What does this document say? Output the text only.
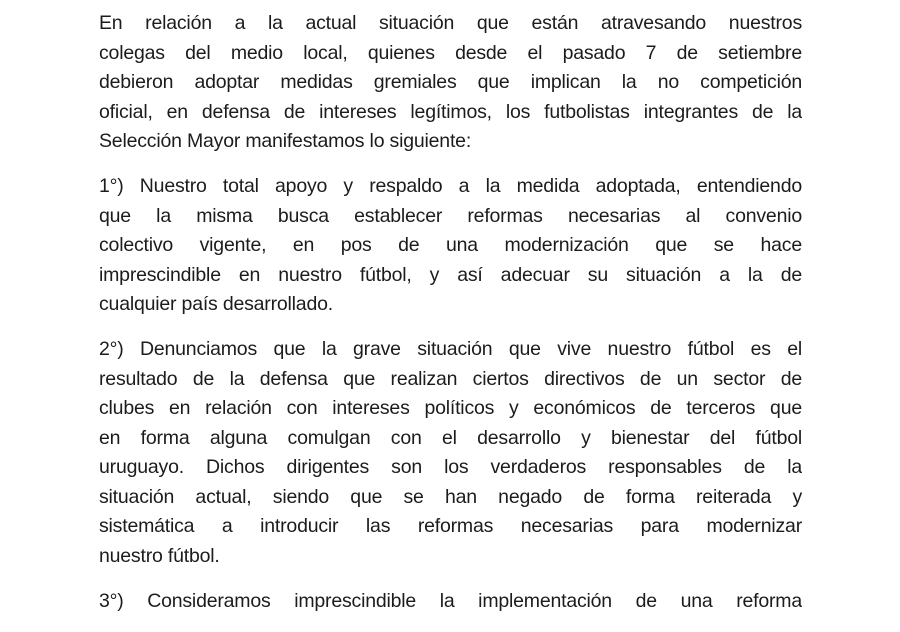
En relación a la actual situación que están atravesando nuestros
colegas del medio local, quienes desde el pasado 7 de setiembre
debieron adoptar medidas gremiales que implican la no competición
oficial, en defensa de intereses legítimos, los futbolistas integrantes de la
Selección Mayor manifestamos lo siguiente:

1°) Nuestro total apoyo y respaldo a la medida adoptada, entendiendo
que la misma busca establecer reformas necesarias al convenio
colectivo vigente, en pos de una modernización que se hace
imprescindible en nuestro fútbol, y así adecuar su situación a la de
cualquier país desarrollado.

2°) Denunciamos que la grave situación que vive nuestro fútbol es el
resultado de la defensa que realizan ciertos directivos de un sector de
clubes en relación con intereses políticos y económicos de terceros que
en forma alguna comulgan con el desarrollo y bienestar del fútbol
uruguayo. Dichos dirigentes son los verdaderos responsables de la
situación actual, siendo que se han negado de forma reiterada y
sistemática a introducir las reformas necesarias para modernizar
nuestro fútbol.

3°) Consideramos imprescindible la implementación de una reforma
